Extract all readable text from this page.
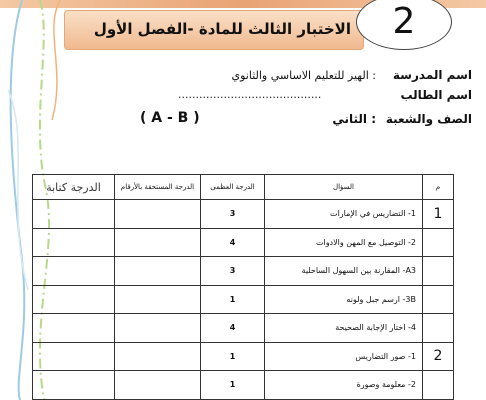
الاختبار الثالث للمادة -الفصل الأول	2
اسم المدرسة
: الهير للتعليم الاساسي والثانوي
اسم الطالب
.........................................
الصف والشعبة
: الثاني
( A - B )
الدرجة كتابة	الدرجة المستحقة بالأرقام	الدرجة العظمى	السؤال	م
		3	1- التضاريس في الإمارات	1
		4	2- التوصيل مع المهن والادوات	
		3	A3- المقارنة بين السهول الساحلية	
		1	3B- ارسم جبل ولونه	
		4	4- اختار الإجابة الصحيحة	
		1	1- صور التضاريس	2
		1	2- معلومة وصورة	
